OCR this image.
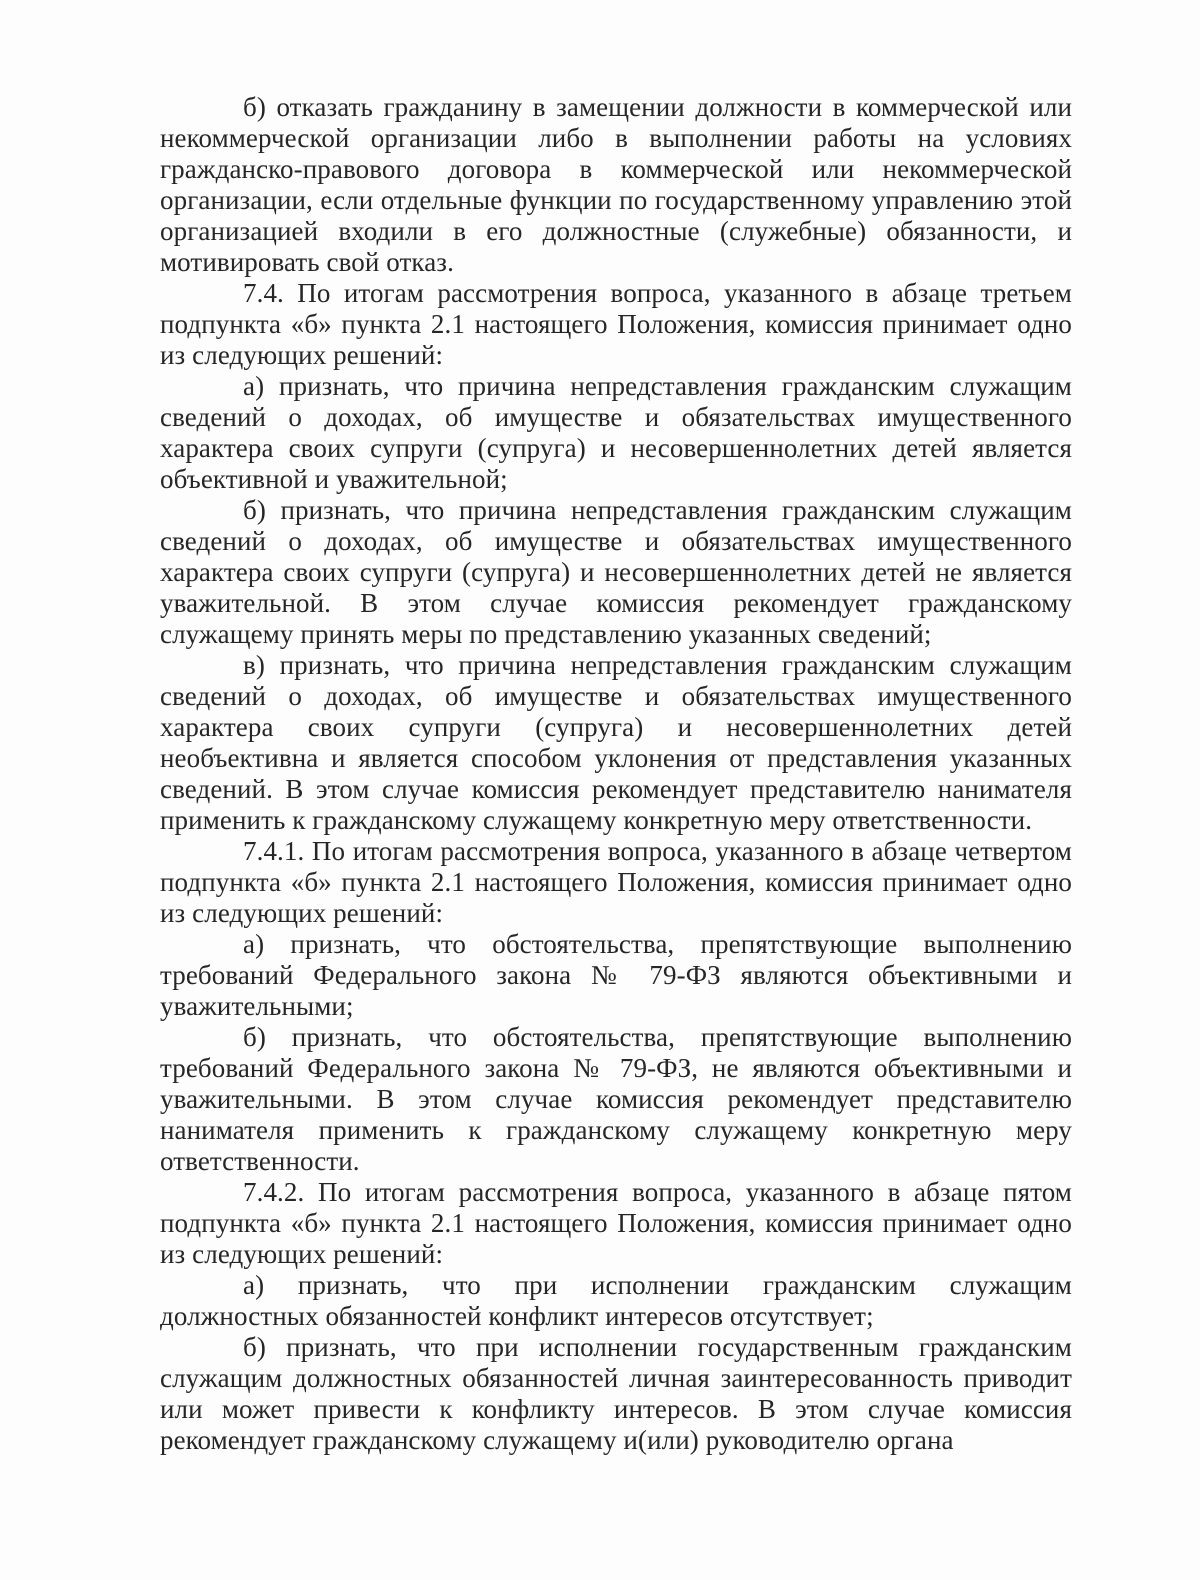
б) отказать гражданину в замещении должности в коммерческой или некоммерческой организации либо в выполнении работы на условиях гражданско-правового договора в коммерческой или некоммерческой организации, если отдельные функции по государственному управлению этой организацией входили в его должностные (служебные) обязанности, и мотивировать свой отказ.

7.4. По итогам рассмотрения вопроса, указанного в абзаце третьем подпункта «б» пункта 2.1 настоящего Положения, комиссия принимает одно из следующих решений:

а) признать, что причина непредставления гражданским служащим сведений о доходах, об имуществе и обязательствах имущественного характера своих супруги (супруга) и несовершеннолетних детей является объективной и уважительной;

б) признать, что причина непредставления гражданским служащим сведений о доходах, об имуществе и обязательствах имущественного характера своих супруги (супруга) и несовершеннолетних детей не является уважительной. В этом случае комиссия рекомендует гражданскому служащему принять меры по представлению указанных сведений;

в) признать, что причина непредставления гражданским служащим сведений о доходах, об имуществе и обязательствах имущественного характера своих супруги (супруга) и несовершеннолетних детей необъективна и является способом уклонения от представления указанных сведений. В этом случае комиссия рекомендует представителю нанимателя применить к гражданскому служащему конкретную меру ответственности.

7.4.1. По итогам рассмотрения вопроса, указанного в абзаце четвертом подпункта «б» пункта 2.1 настоящего Положения, комиссия принимает одно из следующих решений:

а) признать, что обстоятельства, препятствующие выполнению требований Федерального закона № 79-ФЗ являются объективными и уважительными;

б) признать, что обстоятельства, препятствующие выполнению требований Федерального закона № 79-ФЗ, не являются объективными и уважительными. В этом случае комиссия рекомендует представителю нанимателя применить к гражданскому служащему конкретную меру ответственности.

7.4.2. По итогам рассмотрения вопроса, указанного в абзаце пятом подпункта «б» пункта 2.1 настоящего Положения, комиссия принимает одно из следующих решений:

а) признать, что при исполнении гражданским служащим должностных обязанностей конфликт интересов отсутствует;

б) признать, что при исполнении государственным гражданским служащим должностных обязанностей личная заинтересованность приводит или может привести к конфликту интересов. В этом случае комиссия рекомендует гражданскому служащему и(или) руководителю органа
